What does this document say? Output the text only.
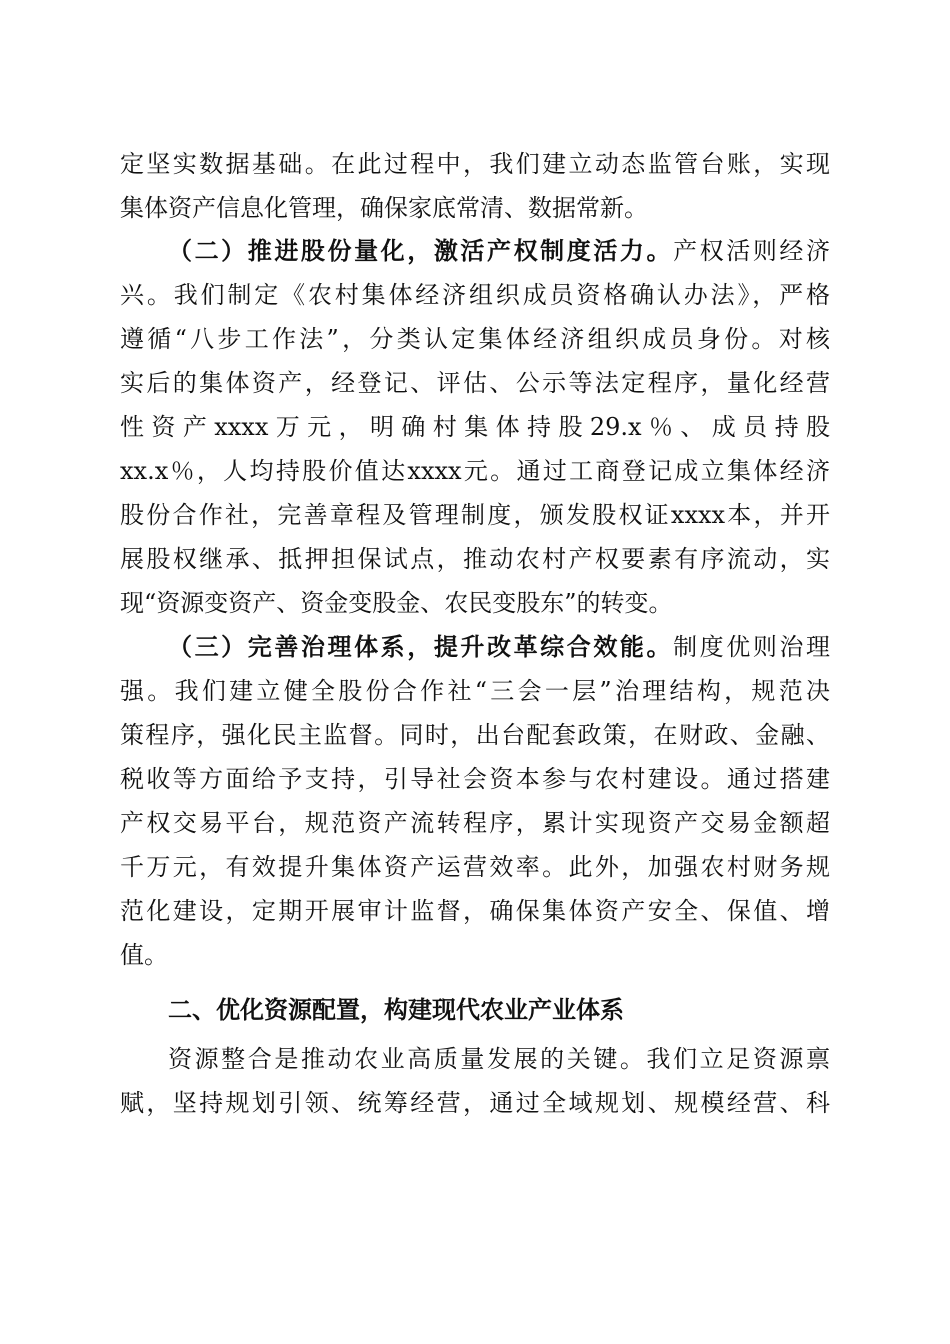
定坚实数据基础。在此过程中，我们建立动态监管台账，实现
集体资产信息化管理，确保家底常清、数据常新。
（二）推进股份量化，激活产权制度活力。产权活则经济
兴。我们制定《农村集体经济组织成员资格确认办法》，严格
遵循“八步工作法”，分类认定集体经济组织成员身份。对核
实后的集体资产，经登记、评估、公示等法定程序，量化经营
性资产xxxx万元，明确村集体持股29.x％、成员持股
xx.x％，人均持股价值达xxxx元。通过工商登记成立集体经济
股份合作社，完善章程及管理制度，颁发股权证xxxx本，并开
展股权继承、抵押担保试点，推动农村产权要素有序流动，实
现“资源变资产、资金变股金、农民变股东”的转变。
（三）完善治理体系，提升改革综合效能。制度优则治理
强。我们建立健全股份合作社“三会一层”治理结构，规范决
策程序，强化民主监督。同时，出台配套政策，在财政、金融、
税收等方面给予支持，引导社会资本参与农村建设。通过搭建
产权交易平台，规范资产流转程序，累计实现资产交易金额超
千万元，有效提升集体资产运营效率。此外，加强农村财务规
范化建设，定期开展审计监督，确保集体资产安全、保值、增
值。
二、优化资源配置，构建现代农业产业体系
资源整合是推动农业高质量发展的关键。我们立足资源禀
赋，坚持规划引领、统筹经营，通过全域规划、规模经营、科
